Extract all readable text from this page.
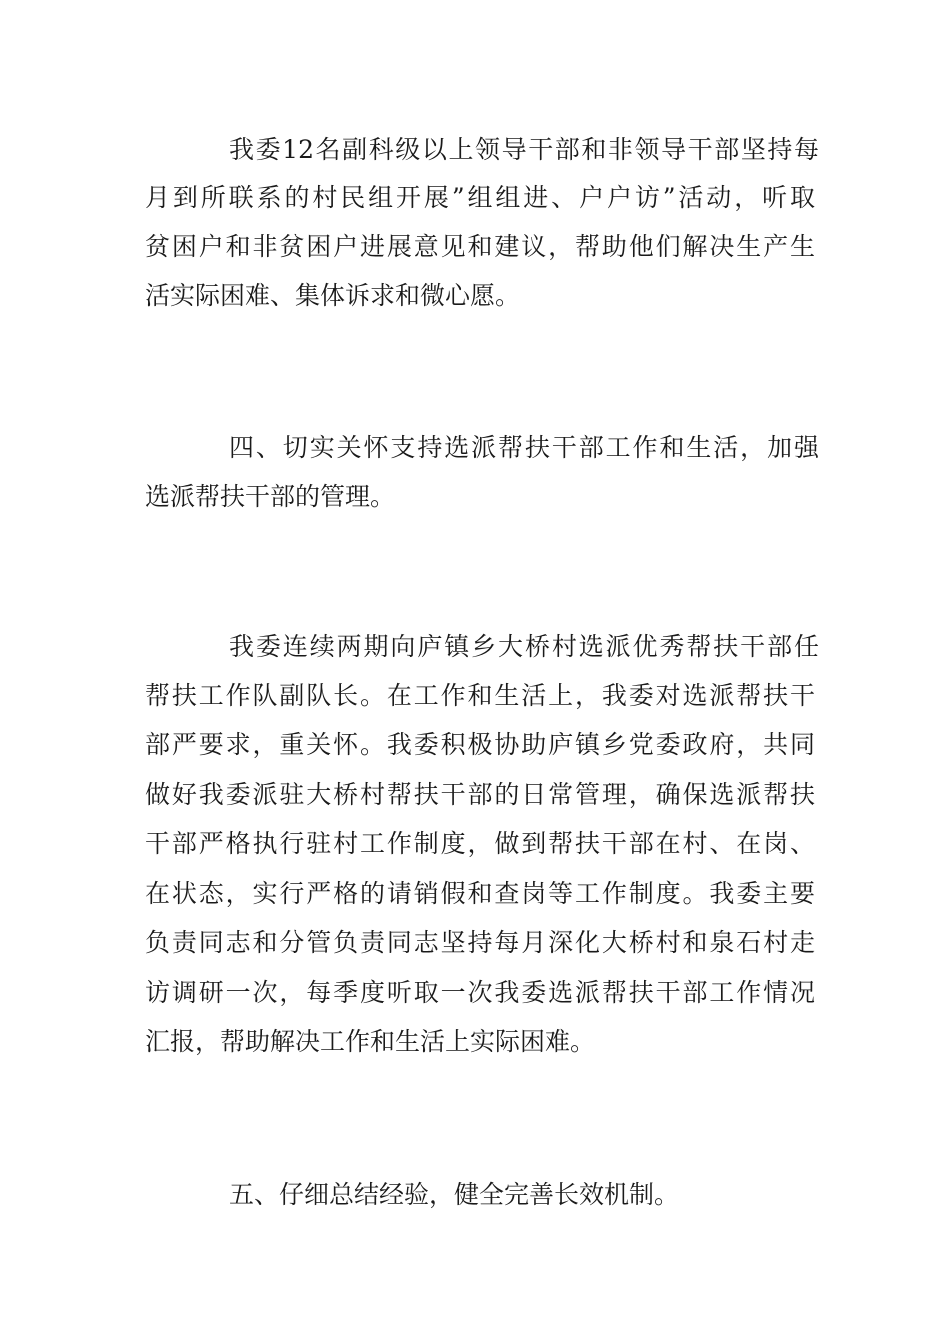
我委12名副科级以上领导干部和非领导干部坚持每
月到所联系的村民组开展”组组进、户户访”活动，听取
贫困户和非贫困户进展意见和建议，帮助他们解决生产生
活实际困难、集体诉求和微心愿。
四、切实关怀支持选派帮扶干部工作和生活，加强
选派帮扶干部的管理。
我委连续两期向庐镇乡大桥村选派优秀帮扶干部任
帮扶工作队副队长。在工作和生活上，我委对选派帮扶干
部严要求，重关怀。我委积极协助庐镇乡党委政府，共同
做好我委派驻大桥村帮扶干部的日常管理，确保选派帮扶
干部严格执行驻村工作制度，做到帮扶干部在村、在岗、
在状态，实行严格的请销假和查岗等工作制度。我委主要
负责同志和分管负责同志坚持每月深化大桥村和泉石村走
访调研一次，每季度听取一次我委选派帮扶干部工作情况
汇报，帮助解决工作和生活上实际困难。
五、仔细总结经验，健全完善长效机制。
